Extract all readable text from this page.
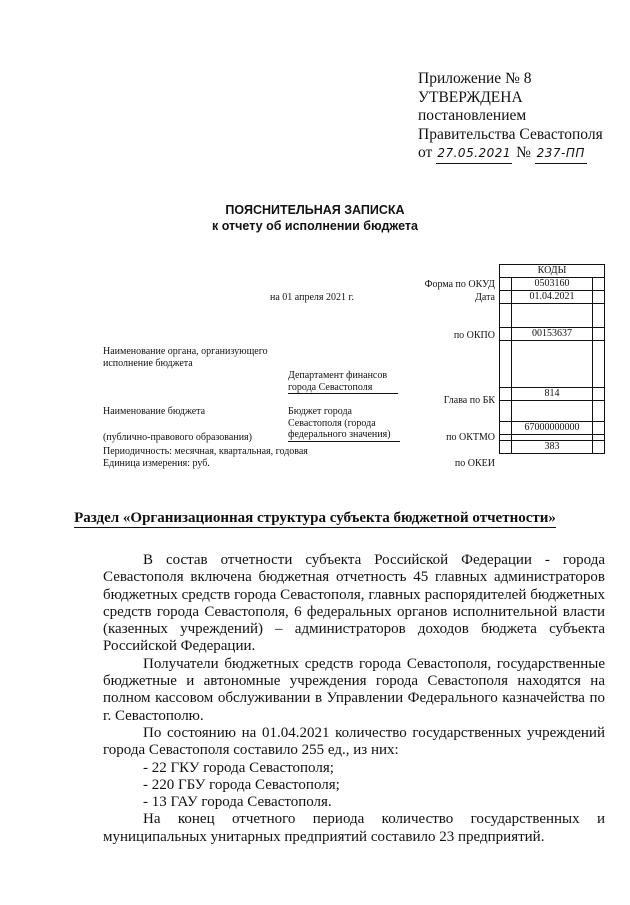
Приложение № 8
УТВЕРЖДЕНА
постановлением
Правительства Севастополя
от 27.05.2021 № 237-ПП
ПОЯСНИТЕЛЬНАЯ ЗАПИСКА
к отчету об исполнении бюджета
КОДЫ
0503160
01.04.2021
00153637
814
67000000000
383
Форма по ОКУД
Дата
по ОКПО
Глава по БК
по ОКТМО
по ОКЕИ
на 01 апреля 2021 г.
Наименование органа, организующего исполнение бюджета
Департамент финансов города Севастополя
Наименование бюджета	Бюджет города Севастополя (города федерального значения)
(публично-правового образования)
Периодичность: месячная, квартальная, годовая
Единица измерения: руб.
Раздел «Организационная структура субъекта бюджетной отчетности»

В состав отчетности субъекта Российской Федерации - города Севастополя включена бюджетная отчетность 45 главных администраторов бюджетных средств города Севастополя, главных распорядителей бюджетных средств города Севастополя, 6 федеральных органов исполнительной власти (казенных учреждений) – администраторов доходов бюджета субъекта Российской Федерации.

Получатели бюджетных средств города Севастополя, государственные бюджетные и автономные учреждения города Севастополя находятся на полном кассовом обслуживании в Управлении Федерального казначейства по г. Севастополю.

По состоянию на 01.04.2021 количество государственных учреждений города Севастополя составило 255 ед., из них:

- 22 ГКУ города Севастополя;

- 220 ГБУ города Севастополя;

- 13 ГАУ города Севастополя.

На конец отчетного периода количество государственных и муниципальных унитарных предприятий составило 23 предприятий.
